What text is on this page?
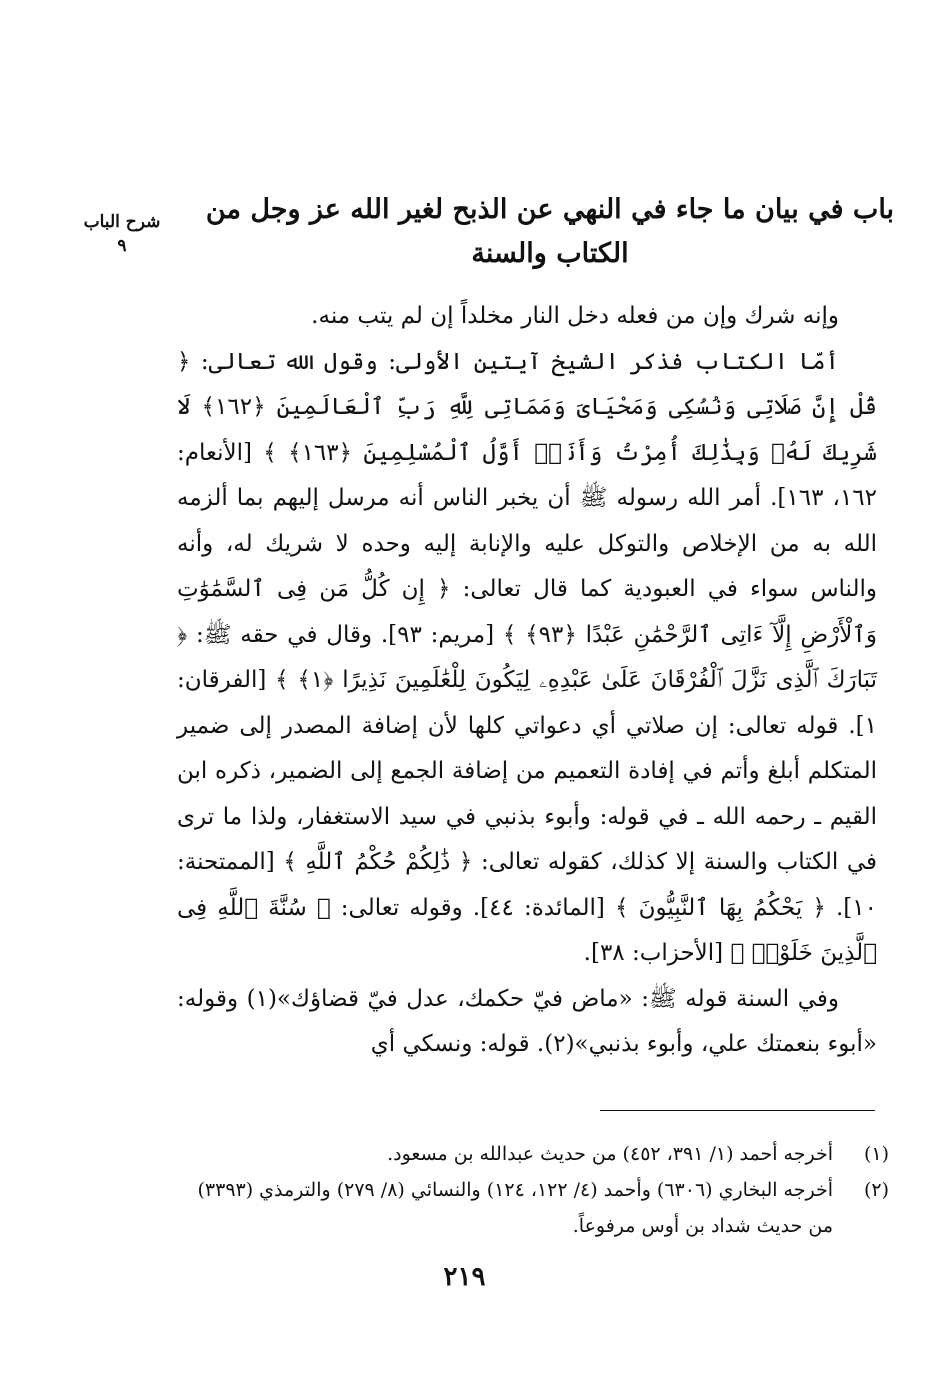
شرح الباب
٩
باب في بيان ما جاء في النهي عن الذبح لغير الله عز وجل من الكتاب والسنة

وإنه شرك وإن من فعله دخل النار مخلداً إن لم يتب منه.

أمّا الكتاب فذكر الشيخ آيتين الأولى: وقول الله تعالى: ﴿ قُلْ إِنَّ صَلَاتِى وَنُسُكِى وَمَحْيَاىَ وَمَمَاتِى لِلَّهِ رَبِّ ٱلْعَالَمِينَ ﴿١٦٢﴾ لَا شَرِيكَ لَهُۥ وَبِذَٰلِكَ أُمِرْتُ وَأَنَا۠ أَوَّلُ ٱلْمُسْلِمِينَ ﴿١٦٣﴾ ﴾ [الأنعام: ١٦٢، ١٦٣]. أمر الله رسوله ﷺ أن يخبر الناس أنه مرسل إليهم بما ألزمه الله به من الإخلاص والتوكل عليه والإنابة إليه وحده لا شريك له، وأنه والناس سواء في العبودية كما قال تعالى: ﴿ إِن كُلُّ مَن فِى ٱلسَّمَٰوَٰتِ وَٱلْأَرْضِ إِلَّآ ءَاتِى ٱلرَّحْمَٰنِ عَبْدًا ﴿٩٣﴾ ﴾ [مريم: ٩٣]. وقال في حقه ﷺ: ﴿ تَبَارَكَ ٱلَّذِى نَزَّلَ ٱلْفُرْقَانَ عَلَىٰ عَبْدِهِۦ لِيَكُونَ لِلْعَٰلَمِينَ نَذِيرًا ﴿١﴾ ﴾ [الفرقان: ١]. قوله تعالى: إن صلاتي أي دعواتي كلها لأن إضافة المصدر إلى ضمير المتكلم أبلغ وأتم في إفادة التعميم من إضافة الجمع إلى الضمير، ذكره ابن القيم ـ رحمه الله ـ في قوله: وأبوء بذنبي في سيد الاستغفار، ولذا ما ترى في الكتاب والسنة إلا كذلك، كقوله تعالى: ﴿ ذَٰلِكُمْ حُكْمُ ٱللَّهِ ﴾ [الممتحنة: ١٠]. ﴿ يَحْكُمُ بِهَا ٱلنَّبِيُّونَ ﴾ [المائدة: ٤٤]. وقوله تعالى: ﴿ سُنَّةَ ٱللَّهِ فِى ٱلَّذِينَ خَلَوْا۟ ﴾ [الأحزاب: ٣٨].

وفي السنة قوله ﷺ: «ماض فيّ حكمك، عدل فيّ قضاؤك»(١) وقوله: «أبوء بنعمتك علي، وأبوء بذنبي»(٢). قوله: ونسكي أي

(١)أخرجه أحمد (١/ ٣٩١، ٤٥٢) من حديث عبدالله بن مسعود.

(٢)أخرجه البخاري (٦٣٠٦) وأحمد (٤/ ١٢٢، ١٢٤) والنسائي (٨/ ٢٧٩) والترمذي (٣٣٩٣) من حديث شداد بن أوس مرفوعاً.

٢١٩
